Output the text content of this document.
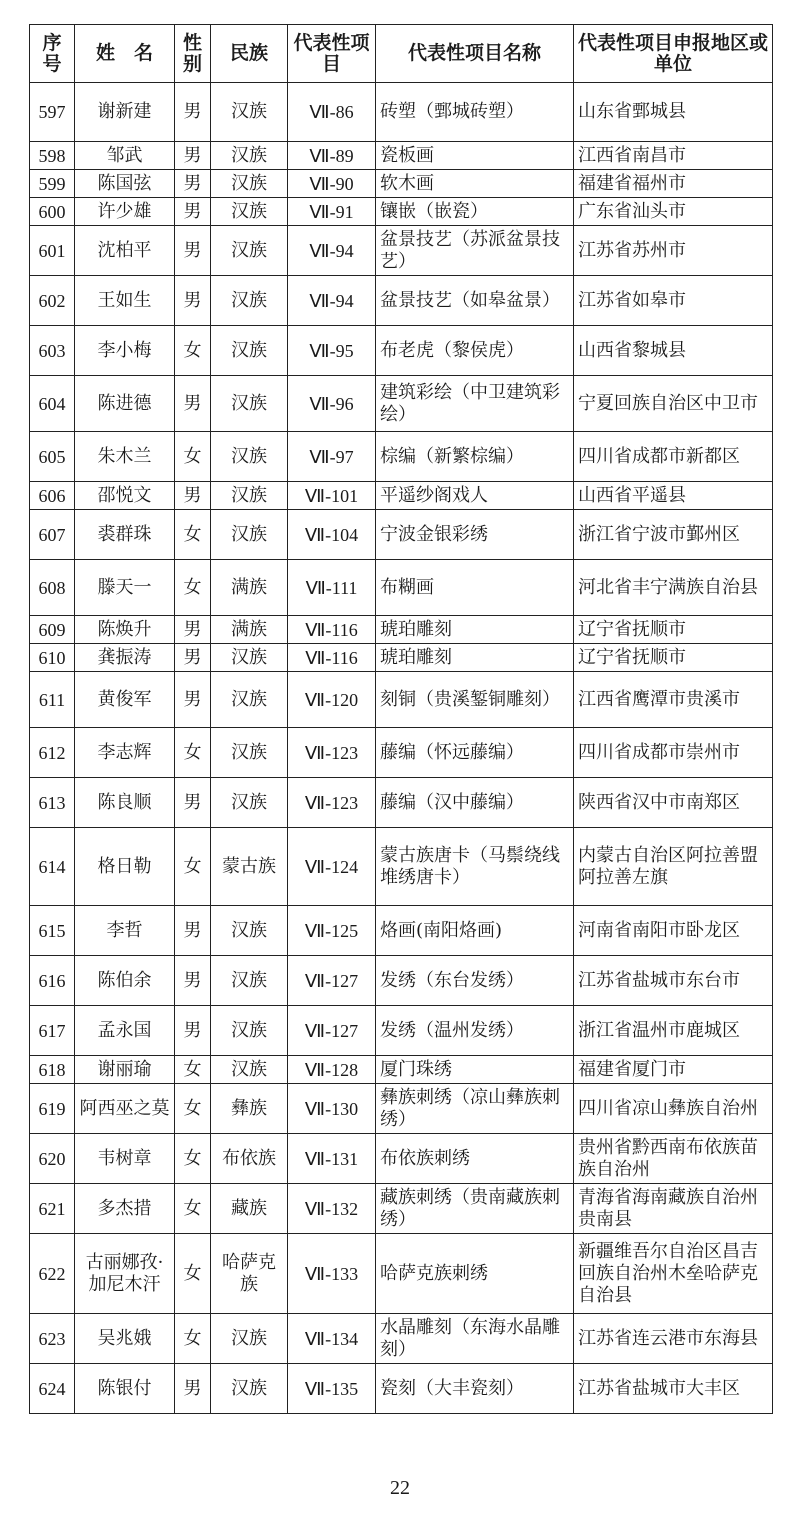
序号	姓　名	性别	民族	代表性项目	代表性项目名称	代表性项目申报地区或单位
597	谢新建	男	汉族	Ⅶ-86	砖塑（鄄城砖塑）	山东省鄄城县
598	邹武	男	汉族	Ⅶ-89	瓷板画	江西省南昌市
599	陈国弦	男	汉族	Ⅶ-90	软木画	福建省福州市
600	许少雄	男	汉族	Ⅶ-91	镶嵌（嵌瓷）	广东省汕头市
601	沈柏平	男	汉族	Ⅶ-94	盆景技艺（苏派盆景技艺）	江苏省苏州市
602	王如生	男	汉族	Ⅶ-94	盆景技艺（如皋盆景）	江苏省如皋市
603	李小梅	女	汉族	Ⅶ-95	布老虎（黎侯虎）	山西省黎城县
604	陈进德	男	汉族	Ⅶ-96	建筑彩绘（中卫建筑彩绘）	宁夏回族自治区中卫市
605	朱木兰	女	汉族	Ⅶ-97	棕编（新繁棕编）	四川省成都市新都区
606	邵悦文	男	汉族	Ⅶ-101	平遥纱阁戏人	山西省平遥县
607	裘群珠	女	汉族	Ⅶ-104	宁波金银彩绣	浙江省宁波市鄞州区
608	滕天一	女	满族	Ⅶ-111	布糊画	河北省丰宁满族自治县
609	陈焕升	男	满族	Ⅶ-116	琥珀雕刻	辽宁省抚顺市
610	龚振涛	男	汉族	Ⅶ-116	琥珀雕刻	辽宁省抚顺市
611	黄俊军	男	汉族	Ⅶ-120	刻铜（贵溪錾铜雕刻）	江西省鹰潭市贵溪市
612	李志辉	女	汉族	Ⅶ-123	藤编（怀远藤编）	四川省成都市崇州市
613	陈良顺	男	汉族	Ⅶ-123	藤编（汉中藤编）	陕西省汉中市南郑区
614	格日勒	女	蒙古族	Ⅶ-124	蒙古族唐卡（马鬃绕线堆绣唐卡）	内蒙古自治区阿拉善盟阿拉善左旗
615	李哲	男	汉族	Ⅶ-125	烙画(南阳烙画)	河南省南阳市卧龙区
616	陈伯余	男	汉族	Ⅶ-127	发绣（东台发绣）	江苏省盐城市东台市
617	孟永国	男	汉族	Ⅶ-127	发绣（温州发绣）	浙江省温州市鹿城区
618	谢丽瑜	女	汉族	Ⅶ-128	厦门珠绣	福建省厦门市
619	阿西巫之莫	女	彝族	Ⅶ-130	彝族刺绣（凉山彝族刺绣）	四川省凉山彝族自治州
620	韦树章	女	布依族	Ⅶ-131	布依族刺绣	贵州省黔西南布依族苗族自治州
621	多杰措	女	藏族	Ⅶ-132	藏族刺绣（贵南藏族刺绣）	青海省海南藏族自治州贵南县
622	古丽娜孜·加尼木汗	女	哈萨克族	Ⅶ-133	哈萨克族刺绣	新疆维吾尔自治区昌吉回族自治州木垒哈萨克自治县
623	吴兆娥	女	汉族	Ⅶ-134	水晶雕刻（东海水晶雕刻）	江苏省连云港市东海县
624	陈银付	男	汉族	Ⅶ-135	瓷刻（大丰瓷刻）	江苏省盐城市大丰区
22
